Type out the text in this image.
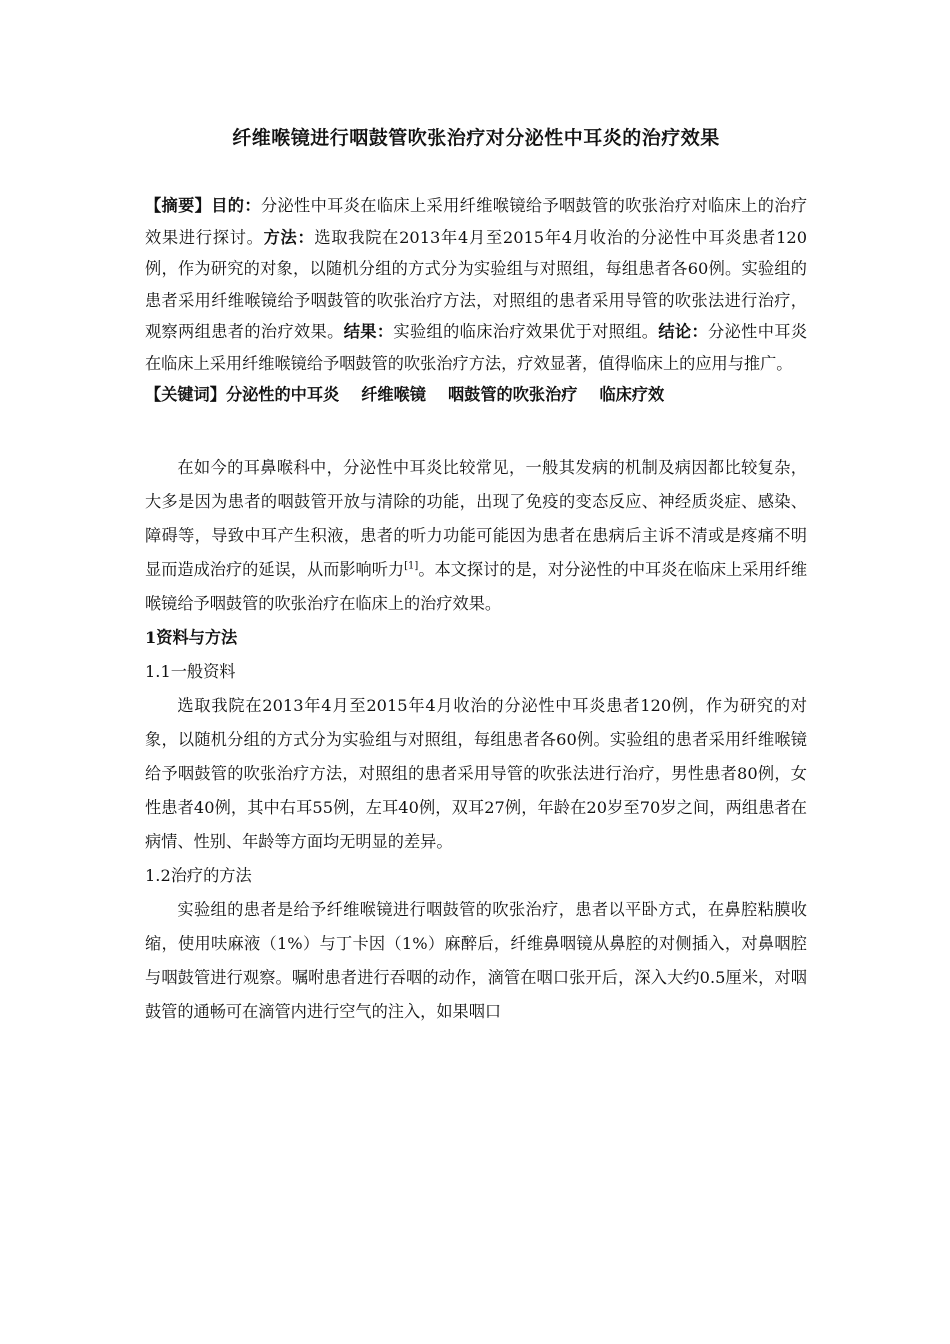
纤维喉镜进行咽鼓管吹张治疗对分泌性中耳炎的治疗效果

【摘要】目的：分泌性中耳炎在临床上采用纤维喉镜给予咽鼓管的吹张治疗对临床上的治疗效果进行探讨。方法：选取我院在2013年4月至2015年4月收治的分泌性中耳炎患者120例，作为研究的对象，以随机分组的方式分为实验组与对照组，每组患者各60例。实验组的患者采用纤维喉镜给予咽鼓管的吹张治疗方法，对照组的患者采用导管的吹张法进行治疗，观察两组患者的治疗效果。结果：实验组的临床治疗效果优于对照组。结论：分泌性中耳炎在临床上采用纤维喉镜给予咽鼓管的吹张治疗方法，疗效显著，值得临床上的应用与推广。

【关键词】分泌性的中耳炎 纤维喉镜 咽鼓管的吹张治疗 临床疗效

在如今的耳鼻喉科中，分泌性中耳炎比较常见，一般其发病的机制及病因都比较复杂，大多是因为患者的咽鼓管开放与清除的功能，出现了免疫的变态反应、神经质炎症、感染、障碍等，导致中耳产生积液，患者的听力功能可能因为患者在患病后主诉不清或是疼痛不明显而造成治疗的延误，从而影响听力[1]。本文探讨的是，对分泌性的中耳炎在临床上采用纤维喉镜给予咽鼓管的吹张治疗在临床上的治疗效果。

1资料与方法

1.1一般资料

选取我院在2013年4月至2015年4月收治的分泌性中耳炎患者120例，作为研究的对象，以随机分组的方式分为实验组与对照组，每组患者各60例。实验组的患者采用纤维喉镜给予咽鼓管的吹张治疗方法，对照组的患者采用导管的吹张法进行治疗，男性患者80例，女性患者40例，其中右耳55例，左耳40例，双耳27例，年龄在20岁至70岁之间，两组患者在病情、性别、年龄等方面均无明显的差异。

1.2治疗的方法

实验组的患者是给予纤维喉镜进行咽鼓管的吹张治疗，患者以平卧方式，在鼻腔粘膜收缩，使用呋麻液（1%）与丁卡因（1%）麻醉后，纤维鼻咽镜从鼻腔的对侧插入，对鼻咽腔与咽鼓管进行观察。嘱咐患者进行吞咽的动作，滴管在咽口张开后，深入大约0.5厘米，对咽鼓管的通畅可在滴管内进行空气的注入，如果咽口
